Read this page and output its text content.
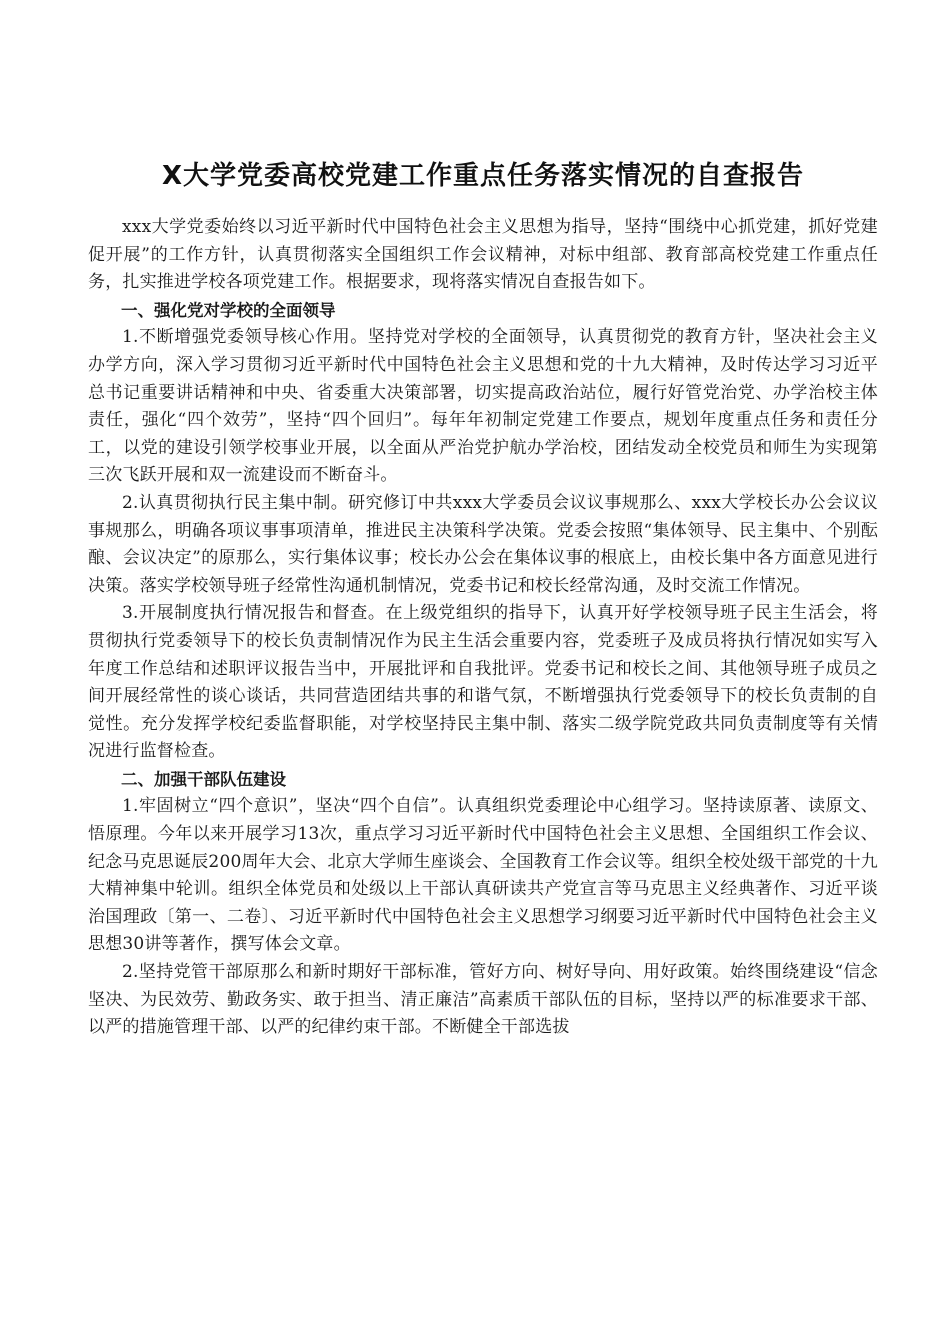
X大学党委高校党建工作重点任务落实情况的自查报告

xxx大学党委始终以习近平新时代中国特色社会主义思想为指导，坚持“围绕中心抓党建，抓好党建促开展”的工作方针，认真贯彻落实全国组织工作会议精神，对标中组部、教育部高校党建工作重点任务，扎实推进学校各项党建工作。根据要求，现将落实情况自查报告如下。

一、强化党对学校的全面领导

1.不断增强党委领导核心作用。坚持党对学校的全面领导，认真贯彻党的教育方针，坚决社会主义办学方向，深入学习贯彻习近平新时代中国特色社会主义思想和党的十九大精神，及时传达学习习近平总书记重要讲话精神和中央、省委重大决策部署，切实提高政治站位，履行好管党治党、办学治校主体责任，强化“四个效劳”，坚持“四个回归”。每年年初制定党建工作要点，规划年度重点任务和责任分工，以党的建设引领学校事业开展，以全面从严治党护航办学治校，团结发动全校党员和师生为实现第三次飞跃开展和双一流建设而不断奋斗。

2.认真贯彻执行民主集中制。研究修订中共xxx大学委员会议议事规那么、xxx大学校长办公会议议事规那么，明确各项议事事项清单，推进民主决策科学决策。党委会按照“集体领导、民主集中、个别酝酿、会议决定”的原那么，实行集体议事；校长办公会在集体议事的根底上，由校长集中各方面意见进行决策。落实学校领导班子经常性沟通机制情况，党委书记和校长经常沟通，及时交流工作情况。

3.开展制度执行情况报告和督查。在上级党组织的指导下，认真开好学校领导班子民主生活会，将贯彻执行党委领导下的校长负责制情况作为民主生活会重要内容，党委班子及成员将执行情况如实写入年度工作总结和述职评议报告当中，开展批评和自我批评。党委书记和校长之间、其他领导班子成员之间开展经常性的谈心谈话，共同营造团结共事的和谐气氛，不断增强执行党委领导下的校长负责制的自觉性。充分发挥学校纪委监督职能，对学校坚持民主集中制、落实二级学院党政共同负责制度等有关情况进行监督检查。

二、加强干部队伍建设

1.牢固树立“四个意识”，坚决“四个自信”。认真组织党委理论中心组学习。坚持读原著、读原文、悟原理。今年以来开展学习13次，重点学习习近平新时代中国特色社会主义思想、全国组织工作会议、纪念马克思诞辰200周年大会、北京大学师生座谈会、全国教育工作会议等。组织全校处级干部党的十九大精神集中轮训。组织全体党员和处级以上干部认真研读共产党宣言等马克思主义经典著作、习近平谈治国理政〔第一、二卷〕、习近平新时代中国特色社会主义思想学习纲要习近平新时代中国特色社会主义思想30讲等著作，撰写体会文章。

2.坚持党管干部原那么和新时期好干部标准，管好方向、树好导向、用好政策。始终围绕建设“信念坚决、为民效劳、勤政务实、敢于担当、清正廉洁”高素质干部队伍的目标，坚持以严的标准要求干部、以严的措施管理干部、以严的纪律约束干部。不断健全干部选拔
